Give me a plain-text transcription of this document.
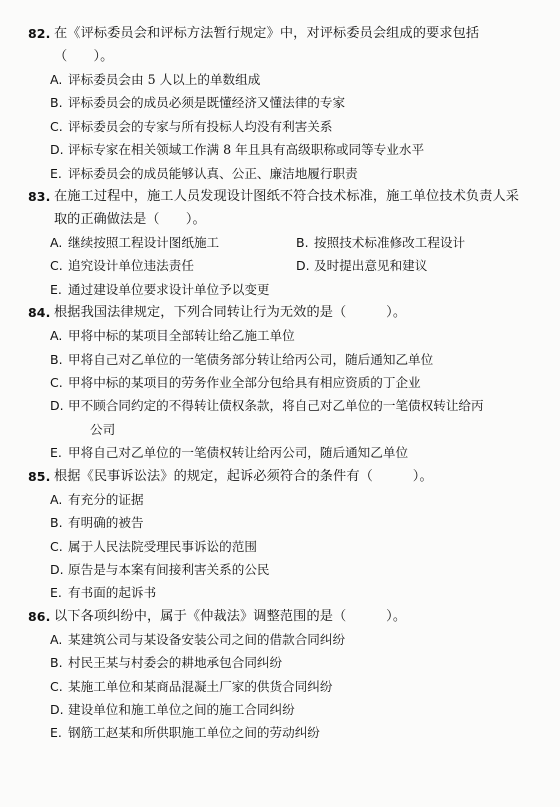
82. 在《评标委员会和评标方法暂行规定》中，对评标委员会组成的要求包括
（　　）。
A. 评标委员会由 5 人以上的单数组成
B. 评标委员会的成员必须是既懂经济又懂法律的专家
C. 评标委员会的专家与所有投标人均没有利害关系
D. 评标专家在相关领域工作满 8 年且具有高级职称或同等专业水平
E. 评标委员会的成员能够认真、公正、廉洁地履行职责
83. 在施工过程中，施工人员发现设计图纸不符合技术标准，施工单位技术负责人采
取的正确做法是（　　）。
A. 继续按照工程设计图纸施工	B. 按照技术标准修改工程设计
C. 追究设计单位违法责任	D. 及时提出意见和建议
E. 通过建设单位要求设计单位予以变更
84. 根据我国法律规定，下列合同转让行为无效的是（　　　）。
A. 甲将中标的某项目全部转让给乙施工单位
B. 甲将自己对乙单位的一笔债务部分转让给丙公司，随后通知乙单位
C. 甲将中标的某项目的劳务作业全部分包给具有相应资质的丁企业
D. 甲不顾合同约定的不得转让债权条款，将自己对乙单位的一笔债权转让给丙
公司
E. 甲将自己对乙单位的一笔债权转让给丙公司，随后通知乙单位
85. 根据《民事诉讼法》的规定，起诉必须符合的条件有（　　　）。
A. 有充分的证据
B. 有明确的被告
C. 属于人民法院受理民事诉讼的范围
D. 原告是与本案有间接利害关系的公民
E. 有书面的起诉书
86. 以下各项纠纷中，属于《仲裁法》调整范围的是（　　　）。
A. 某建筑公司与某设备安装公司之间的借款合同纠纷
B. 村民王某与村委会的耕地承包合同纠纷
C. 某施工单位和某商品混凝土厂家的供货合同纠纷
D. 建设单位和施工单位之间的施工合同纠纷
E. 钢筋工赵某和所供职施工单位之间的劳动纠纷
